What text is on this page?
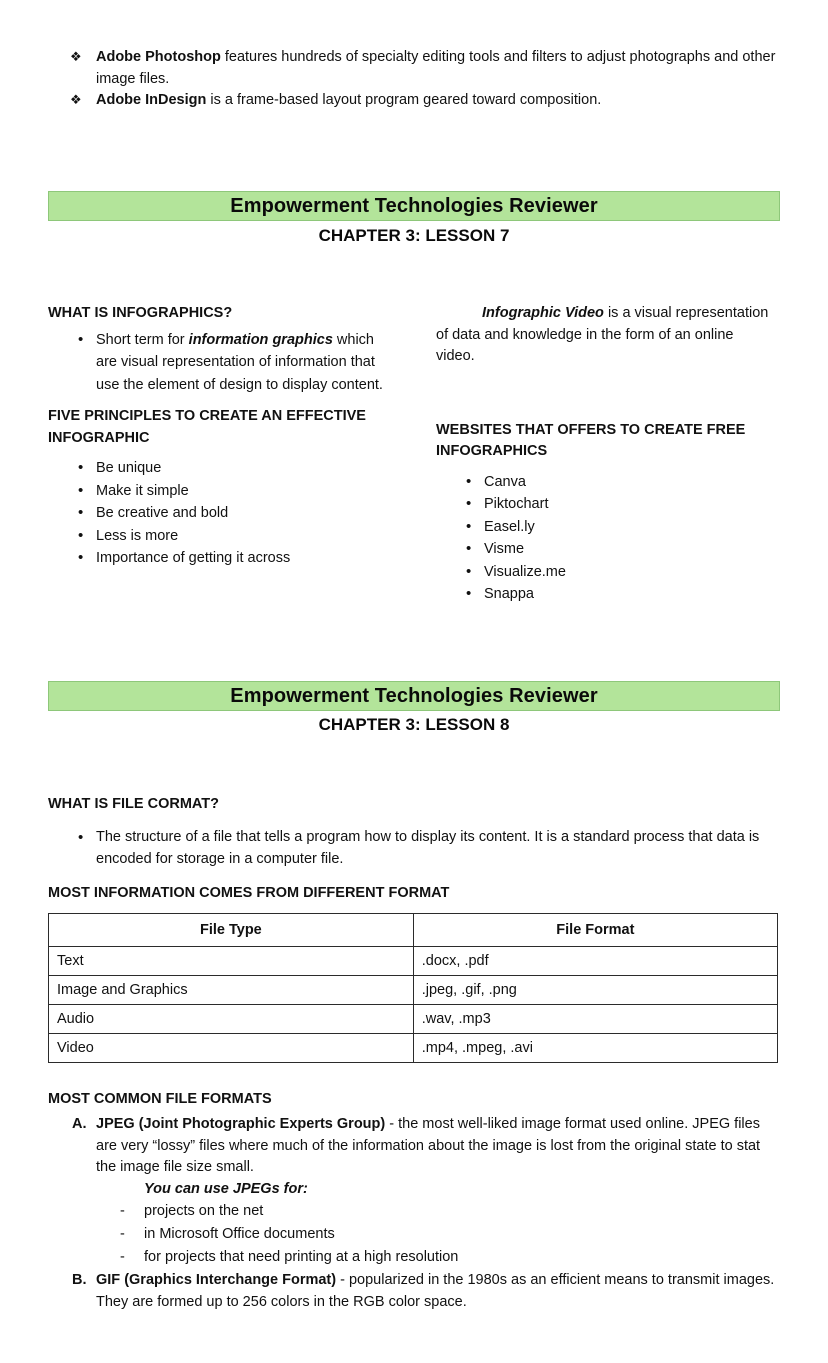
❖ Adobe Photoshop features hundreds of specialty editing tools and filters to adjust photographs and other image files.
❖ Adobe InDesign is a frame-based layout program geared toward composition.
Empowerment Technologies Reviewer
CHAPTER 3: LESSON 7
WHAT IS INFOGRAPHICS?
• Short term for information graphics which are visual representation of information that use the element of design to display content.
FIVE PRINCIPLES TO CREATE AN EFFECTIVE INFOGRAPHIC
• Be unique
• Make it simple
• Be creative and bold
• Less is more
• Importance of getting it across
Infographic Video is a visual representation of data and knowledge in the form of an online video.
WEBSITES THAT OFFERS TO CREATE FREE INFOGRAPHICS
• Canva
• Piktochart
• Easel.ly
• Visme
• Visualize.me
• Snappa
Empowerment Technologies Reviewer
CHAPTER 3: LESSON 8
WHAT IS FILE CORMAT?
• The structure of a file that tells a program how to display its content. It is a standard process that data is encoded for storage in a computer file.
MOST INFORMATION COMES FROM DIFFERENT FORMAT
File Type	File Format
Text	.docx, .pdf
Image and Graphics	.jpeg, .gif, .png
Audio	.wav, .mp3
Video	.mp4, .mpeg, .avi
MOST COMMON FILE FORMATS
A. JPEG (Joint Photographic Experts Group) - the most well-liked image format used online. JPEG files are very “lossy” files where much of the information about the image is lost from the original state to stat the image file size small.
You can use JPEGs for:
- projects on the net
- in Microsoft Office documents
- for projects that need printing at a high resolution
B. GIF (Graphics Interchange Format) - popularized in the 1980s as an efficient means to transmit images. They are formed up to 256 colors in the RGB color space.
